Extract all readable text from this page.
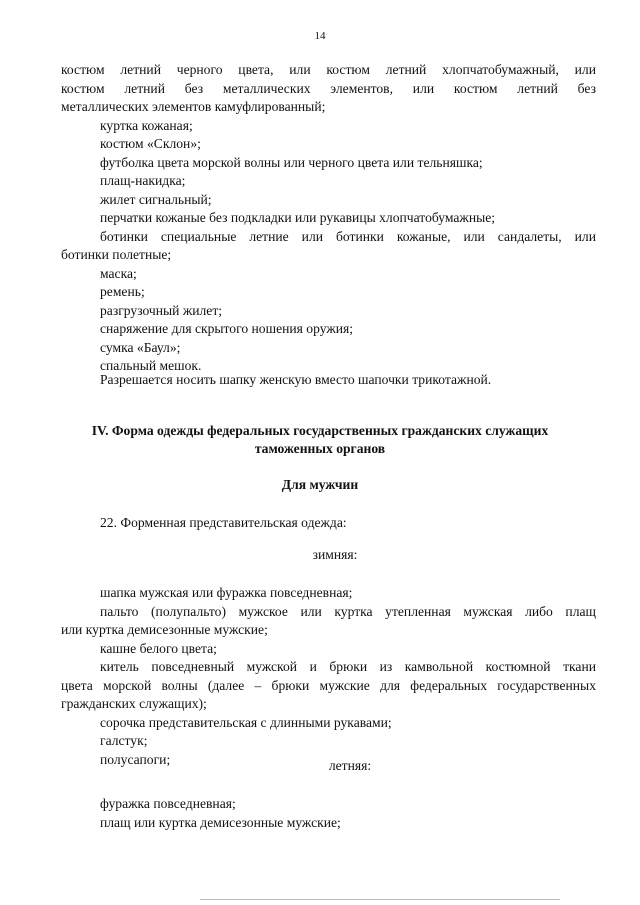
14
костюм летний черного цвета, или костюм летний хлопчатобумажный, или
костюм летний без металлических элементов, или костюм летний без
металлических элементов камуфлированный;
куртка кожаная;
костюм «Склон»;
футболка цвета морской волны или черного цвета или тельняшка;
плащ-накидка;
жилет сигнальный;
перчатки кожаные без подкладки или рукавицы хлопчатобумажные;
ботинки специальные летние или ботинки кожаные, или сандалеты, или
ботинки полетные;
маска;
ремень;
разгрузочный жилет;
снаряжение для скрытого ношения оружия;
сумка «Баул»;
спальный мешок.
Разрешается носить шапку женскую вместо шапочки трикотажной.
IV. Форма одежды федеральных государственных гражданских служащих
таможенных органов
Для мужчин
22. Форменная представительская одежда:
зимняя:
шапка мужская или фуражка повседневная;
пальто (полупальто) мужское или куртка утепленная мужская либо плащ
или куртка демисезонные мужские;
кашне белого цвета;
китель повседневный мужской и брюки из камвольной костюмной ткани
цвета морской волны (далее – брюки мужские для федеральных государственных
гражданских служащих);
сорочка представительская с длинными рукавами;
галстук;
полусапоги;	летняя:
фуражка повседневная;
плащ или куртка демисезонные мужские;
